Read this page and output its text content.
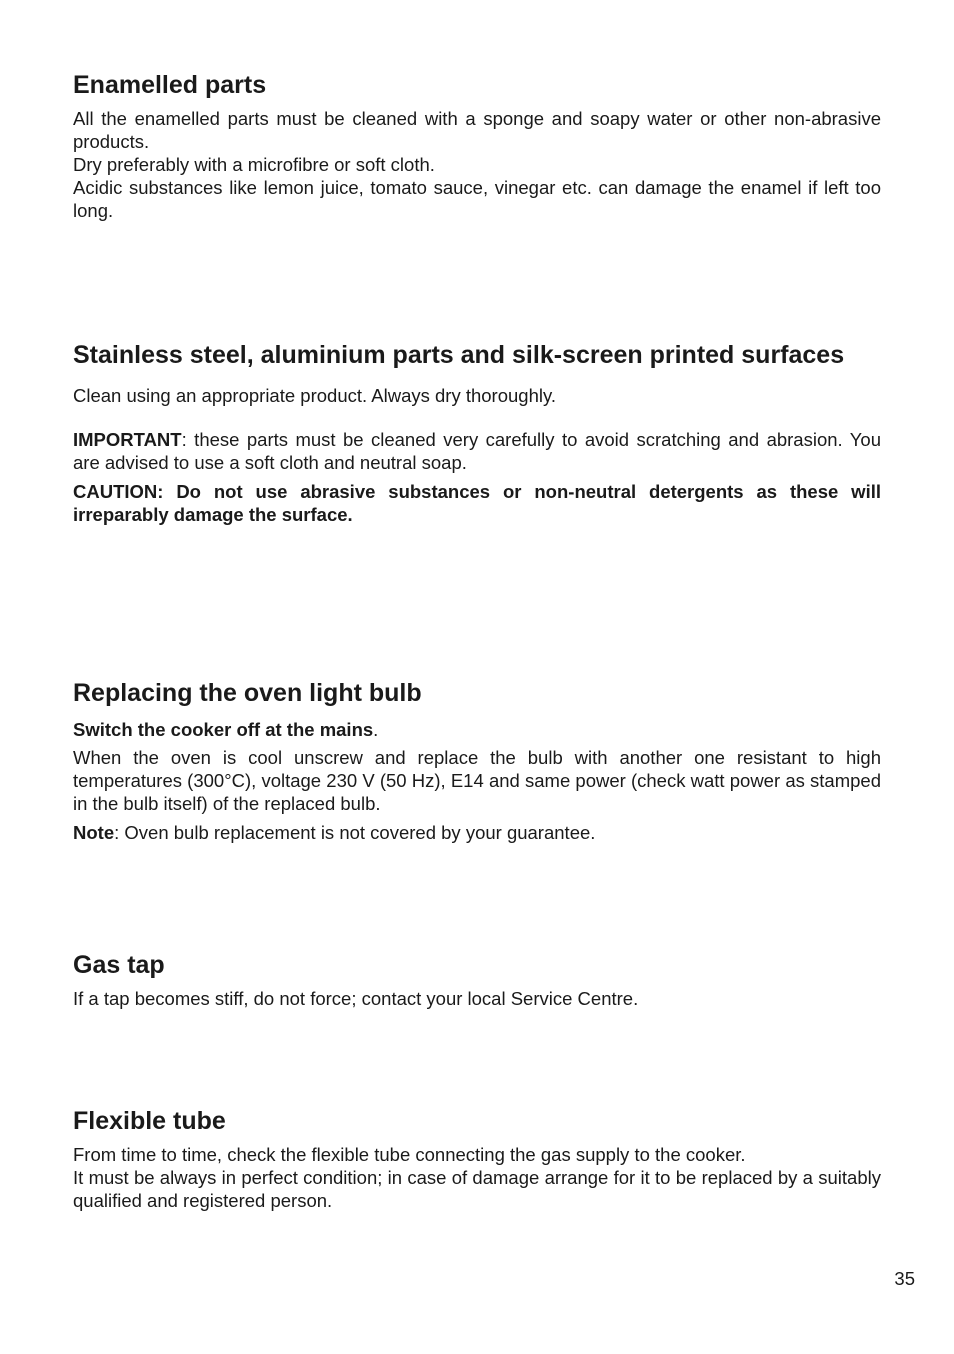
Enamelled parts

All the enamelled parts must be cleaned with a sponge and soapy water or other non-abrasive products.

Dry preferably with a microfibre or soft cloth.

Acidic substances like lemon juice, tomato sauce, vinegar etc. can damage the enamel if left too long.

Stainless steel, aluminium parts and silk-screen printed surfaces

Clean using an appropriate product. Always dry thoroughly.

IMPORTANT: these parts must be cleaned very carefully to avoid scratching and abrasion. You are advised to use a soft cloth and neutral soap.

CAUTION: Do not use abrasive substances or non-neutral detergents as these will irreparably damage the surface.

Replacing the oven light bulb

Switch the cooker off at the mains.

When the oven is cool unscrew and replace the bulb with another one resistant to high temperatures (300°C), voltage 230 V (50 Hz), E14 and same power (check watt power as stamped in the bulb itself) of the replaced bulb.

Note: Oven bulb replacement is not covered by your guarantee.

Gas tap

If a tap becomes stiff, do not force; contact your local Service Centre.

Flexible tube

From time to time, check the flexible tube connecting the gas supply to the cooker.

It must be always in perfect condition; in case of damage arrange for it to be replaced by a suitably qualified and registered person.

35
